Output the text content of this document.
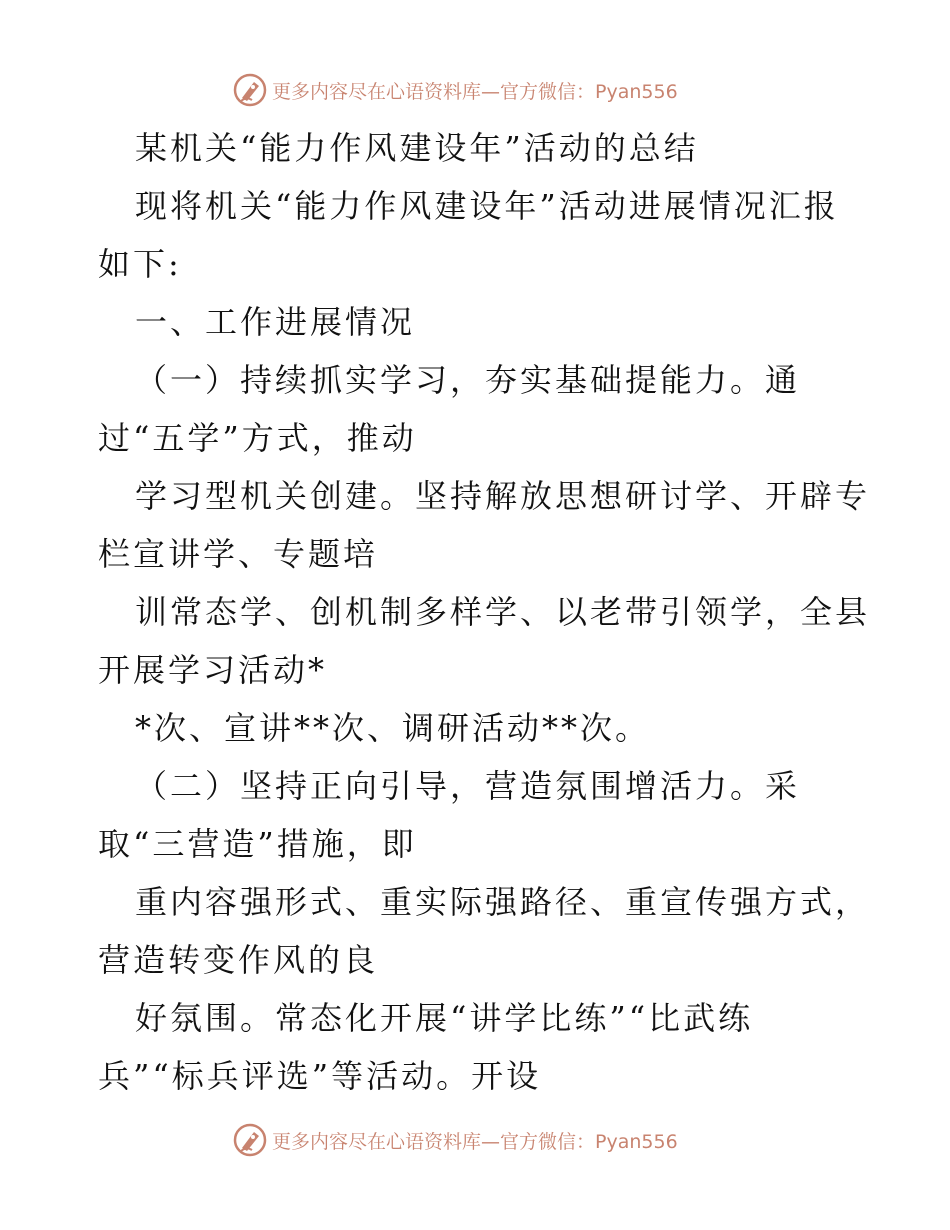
更多内容尽在心语资料库—官方微信：Pyan556
某机关“能力作风建设年”活动的总结
现将机关“能力作风建设年”活动进展情况汇报
如下:
一、工作进展情况
（一）持续抓实学习，夯实基础提能力。通
过“五学”方式，推动
学习型机关创建。坚持解放思想研讨学、开辟专
栏宣讲学、专题培
训常态学、创机制多样学、以老带引领学，全县
开展学习活动*
*次、宣讲**次、调研活动**次。
（二）坚持正向引导，营造氛围增活力。采
取“三营造”措施，即
重内容强形式、重实际强路径、重宣传强方式，
营造转变作风的良
好氛围。常态化开展“讲学比练”“比武练
兵”“标兵评选”等活动。开设
更多内容尽在心语资料库—官方微信：Pyan556
